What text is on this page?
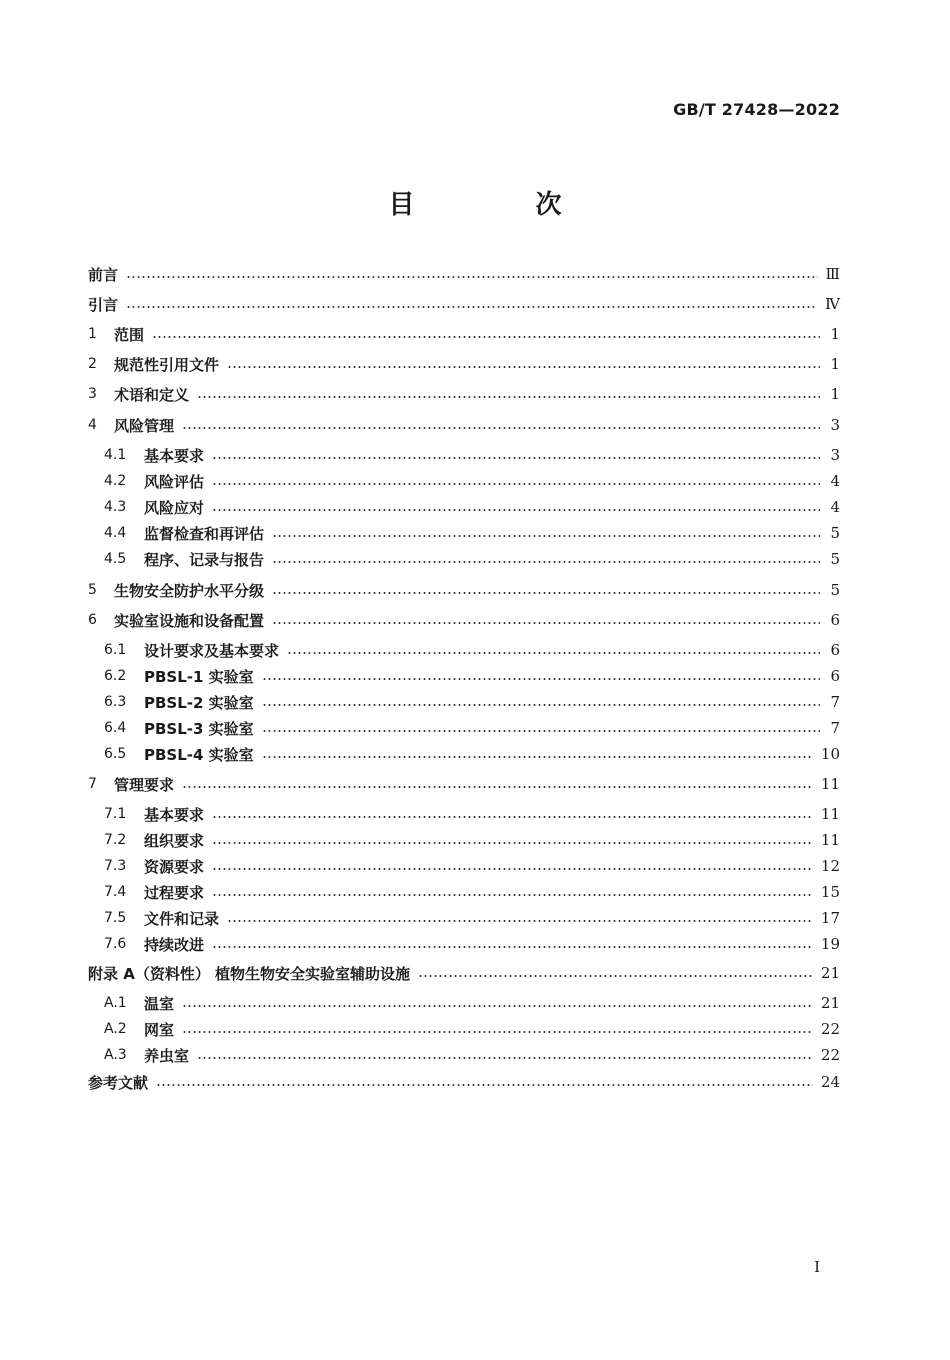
GB/T 27428—2022
目 次
前言	Ⅲ
引言	Ⅳ
1	范围	1
2	规范性引用文件	1
3	术语和定义	1
4	风险管理	3
4.1	基本要求	3
4.2	风险评估	4
4.3	风险应对	4
4.4	监督检查和再评估	5
4.5	程序、记录与报告	5
5	生物安全防护水平分级	5
6	实验室设施和设备配置	6
6.1	设计要求及基本要求	6
6.2	PBSL-1 实验室	6
6.3	PBSL-2 实验室	7
6.4	PBSL-3 实验室	7
6.5	PBSL-4 实验室	10
7	管理要求	11
7.1	基本要求	11
7.2	组织要求	11
7.3	资源要求	12
7.4	过程要求	15
7.5	文件和记录	17
7.6	持续改进	19
附录 A（资料性） 植物生物安全实验室辅助设施	21
A.1	温室	21
A.2	网室	22
A.3	养虫室	22
参考文献	24
I
